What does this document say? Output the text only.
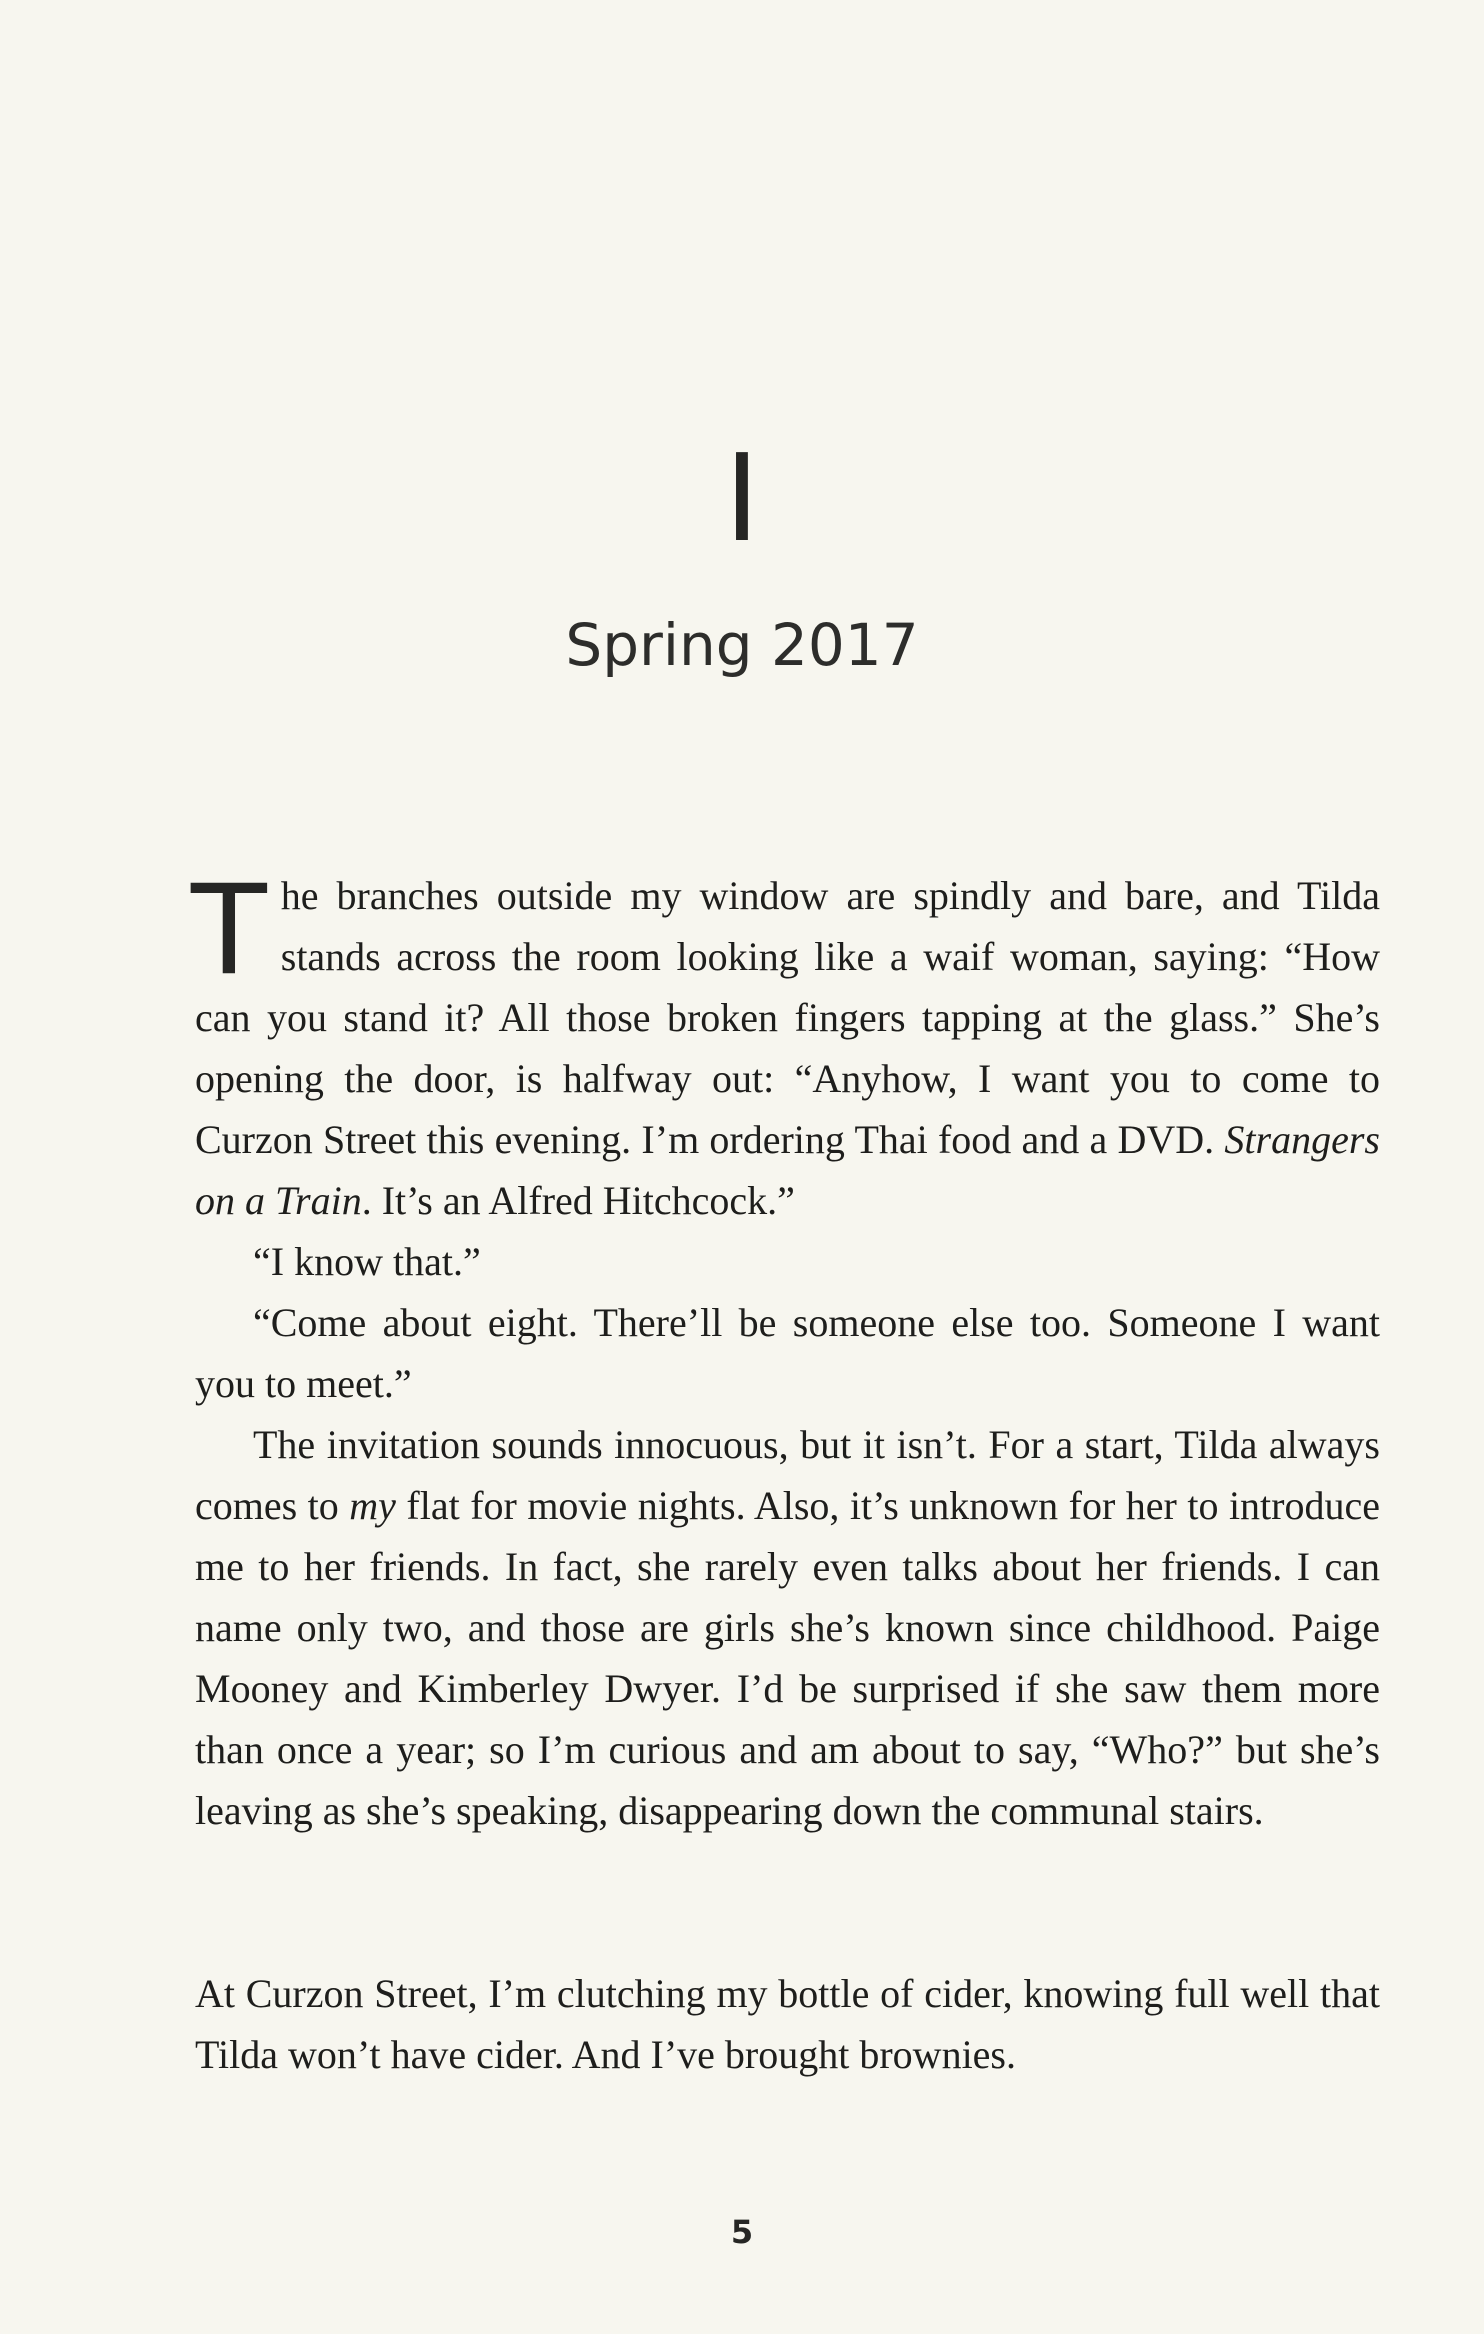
I
Spring 2017

The branches outside my window are spindly and bare, and Tilda stands across the room looking like a waif woman, saying: “How can you stand it? All those broken fingers tapping at the glass.” She’s opening the door, is halfway out: “Anyhow, I want you to come to Curzon Street this evening. I’m ordering Thai food and a DVD. Strangers on a Train. It’s an Alfred Hitchcock.”

“I know that.”

“Come about eight. There’ll be someone else too. Someone I want you to meet.”

The invitation sounds innocuous, but it isn’t. For a start, Tilda always comes to my flat for movie nights. Also, it’s unknown for her to introduce me to her friends. In fact, she rarely even talks about her friends. I can name only two, and those are girls she’s known since childhood. Paige Mooney and Kimberley Dwyer. I’d be surprised if she saw them more than once a year; so I’m curious and am about to say, “Who?” but she’s leaving as she’s speaking, disappearing down the communal stairs.

At Curzon Street, I’m clutching my bottle of cider, knowing full well that Tilda won’t have cider. And I’ve brought brownies.

5
